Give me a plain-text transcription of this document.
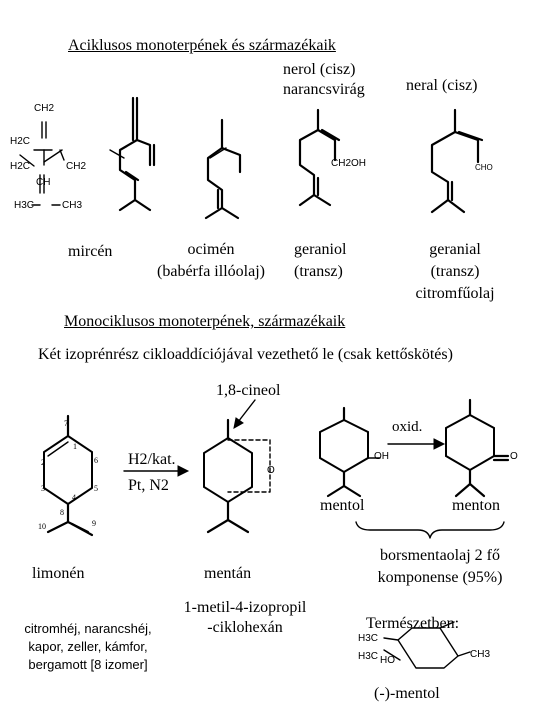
Aciklusos monoterpének és származékaik
nerol (cisz)
narancsvirág	neral (cisz)
CH2
H2C
CH2
H2C
CH
H3C	CH3
CH2OH	CHO
mircén	ocimén
(babérfa illóolaj)
geraniol
(transz)
geranial
(transz)
citromfűolaj
Monociklusos monoterpének, származékaik
Két izoprénrész cikloaddíciójával vezethető le (csak kettőskötés)
1,8-cineol
oxid.
7
1
2	6
3	5
4
8
10	9
H2/kat.
Pt, N2
O
OH	O
mentol	menton
limonén	mentán
borsmentaolaj 2 fő
komponense (95%)
1-metil-4-izopropil
-ciklohexán	Természetben:
citromhéj, narancshéj,
kapor, zeller, kámfor,
bergamott [8 izomer]
H3C
H3C HO
CH3
(-)-mentol
